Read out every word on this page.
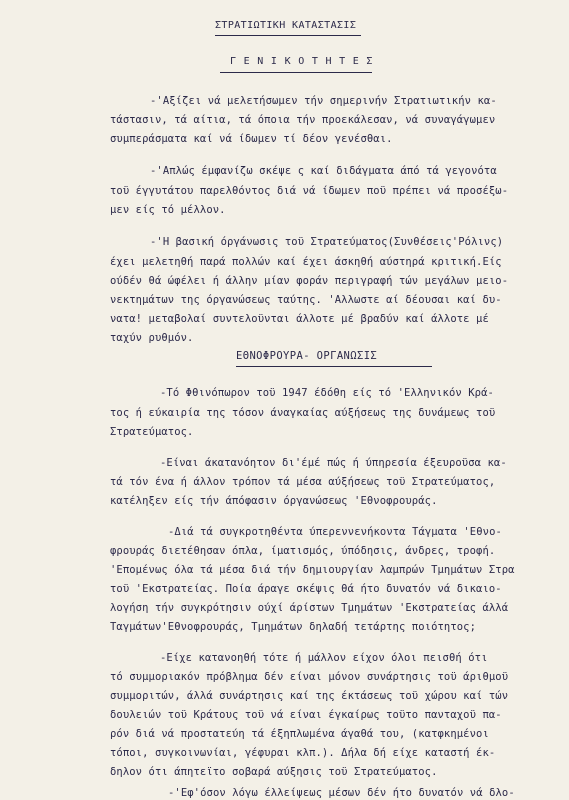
ΣΤΡΑΤΙΩΤΙΚΗ ΚΑΤΑΣΤΑΣΙΣ
Γ Ε Ν Ι Κ Ο Τ Η Τ Ε Σ
-'Αξίζει νά μελετήσωμεν τήν σημερινήν Στρατιωτικήν κα-
τάστασιν, τά αίτια, τά όποια τήν προεκάλεσαν, νά συναγάγωμεν
συμπεράσματα καί νά ίδωμεν τί δέον γενέσθαι.
-'Απλώς έμφανίζω σκέψε ς καί διδάγματα άπό τά γεγονότα
τοϋ έγγυτάτου παρελθόντος διά νά ίδωμεν ποϋ πρέπει νά προσέξω-
μεν είς τό μέλλον.
-'Η βασική όργάνωσις τοϋ Στρατεύματος(Συνθέσεις'Ρόλινς)
έχει μελετηθή παρά πολλών καί έχει άσκηθή αύστηρά κριτική.Είς
ούδέν θά ώφέλει ή άλλην μίαν φοράν περιγραφή τών μεγάλων μειο-
νεκτημάτων της όργανώσεως ταύτης. 'Αλλωστε αί δέουσαι καί δυ-
νατα! μεταβολαί συντελοϋνται άλλοτε μέ βραδύν καί άλλοτε μέ
ταχύν ρυθμόν.
ΕΘΝΟΦΡΟΥΡΑ- ΟΡΓΑΝΩΣΙΣ
-Τό Φθινόπωρον τοϋ 1947 έδόθη είς τό 'Ελληνικόν Κρά-
τος ή εύκαιρία της τόσον άναγκαίας αύξήσεως της δυνάμεως τοϋ
Στρατεύματος.
-Είναι άκατανόητον δι'έμέ πώς ή ύπηρεσία έξευροϋσα κα-
τά τόν ένα ή άλλον τρόπον τά μέσα αύξήσεως τοϋ Στρατεύματος,
κατέληξεν είς τήν άπόφασιν όργανώσεως 'Εθνοφρουράς.
-Διά τά συγκροτηθέντα ύπερεννενήκοντα Τάγματα 'Εθνο-
φρουράς διετέθησαν όπλα, ίματισμός, ύπόδησις, άνδρες, τροφή.
'Επομένως όλα τά μέσα διά τήν δημιουργίαν λαμπρών Τμημάτων Στρα
τοϋ 'Εκστρατείας. Ποία άραγε σκέψις θά ήτο δυνατόν νά δικαιο-
λογήση τήν συγκρότησιν ούχί άρίστων Τμημάτων 'Εκστρατείας άλλά
Ταγμάτων'Εθνοφρουράς, Τμημάτων δηλαδή τετάρτης ποιότητος;
-Είχε κατανοηθή τότε ή μάλλον είχον όλοι πεισθή ότι
τό συμμοριακόν πρόβλημα δέν είναι μόνον συνάρτησις τοϋ άριθμοϋ
συμμοριτών, άλλά συνάρτησις καί της έκτάσεως τοϋ χώρου καί τών
δουλειών τοϋ Κράτους τοϋ νά είναι έγκαίρως τοϋτο πανταχοϋ πα-
ρόν διά νά προστατεύη τά έξηπλωμένα άγαθά του, (κατφκημένοι
τόποι, συγκοινωνίαι, γέφυραι κλπ.). Δήλα δή είχε καταστή έκ-
δηλον ότι άπητεϊτο σοβαρά αύξησις τοϋ Στρατεύματος.
-'Εφ'όσον λόγω έλλείψεως μέσων δέν ήτο δυνατόν νά δλο-
